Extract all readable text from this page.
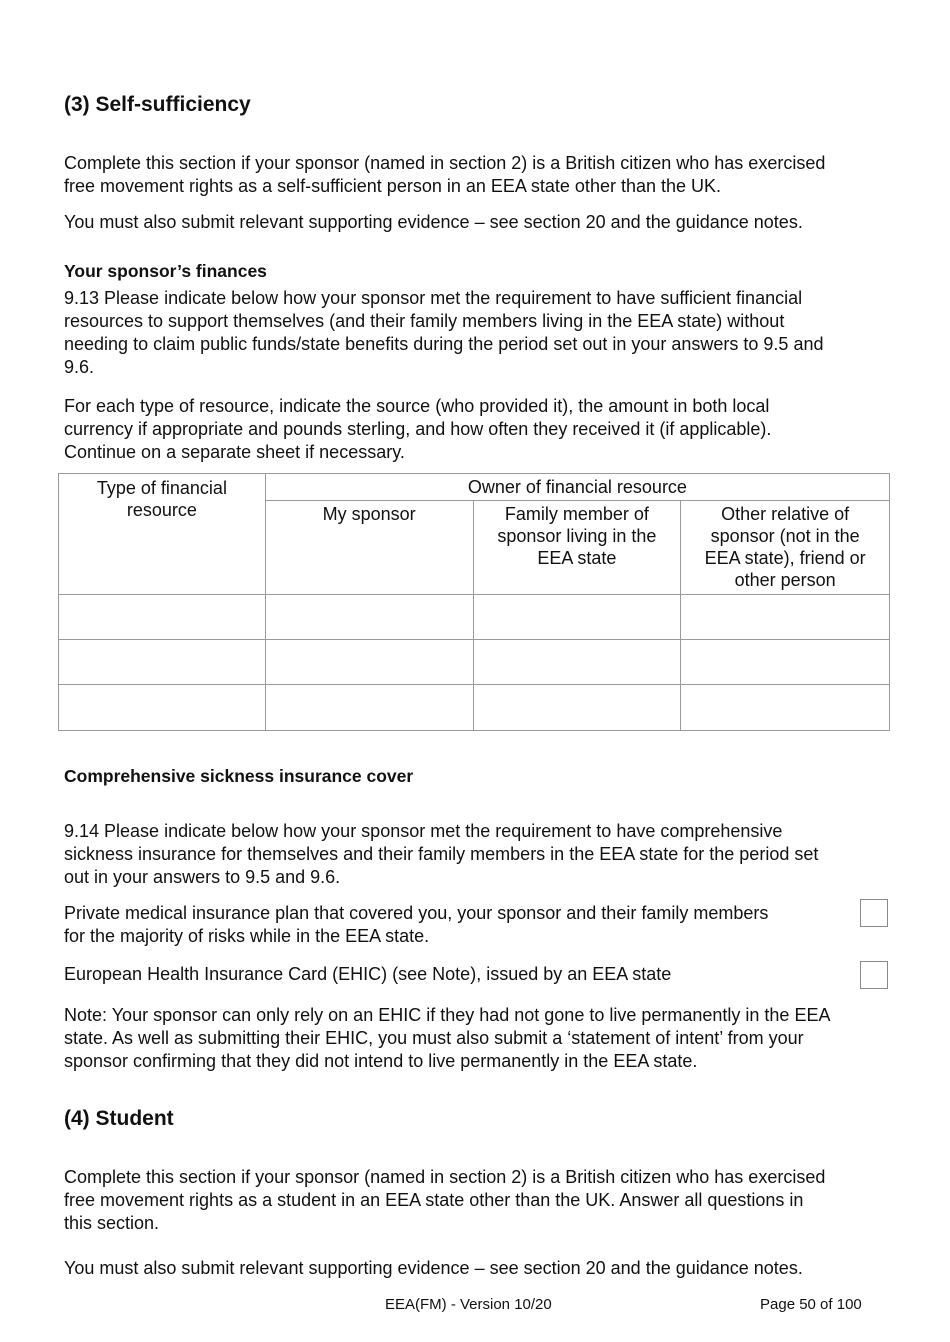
(3) Self-sufficiency
Complete this section if your sponsor (named in section 2) is a British citizen who has exercised
free movement rights as a self-sufficient person in an EEA state other than the UK.
You must also submit relevant supporting evidence – see section 20 and the guidance notes.
Your sponsor’s finances
9.13 Please indicate below how your sponsor met the requirement to have sufficient financial
resources to support themselves (and their family members living in the EEA state) without
needing to claim public funds/state benefits during the period set out in your answers to 9.5 and
9.6.
For each type of resource, indicate the source (who provided it), the amount in both local
currency if appropriate and pounds sterling, and how often they received it (if applicable).
Continue on a separate sheet if necessary.
Type of financial resource	Owner of financial resource		
	My sponsor	Family member of sponsor living in the EEA state	Other relative of sponsor (not in the EEA state), friend or other person

Comprehensive sickness insurance cover
9.14 Please indicate below how your sponsor met the requirement to have comprehensive
sickness insurance for themselves and their family members in the EEA state for the period set
out in your answers to 9.5 and 9.6.
Private medical insurance plan that covered you, your sponsor and their family members
for the majority of risks while in the EEA state.
European Health Insurance Card (EHIC) (see Note), issued by an EEA state
Note: Your sponsor can only rely on an EHIC if they had not gone to live permanently in the EEA
state. As well as submitting their EHIC, you must also submit a ‘statement of intent’ from your
sponsor confirming that they did not intend to live permanently in the EEA state.
(4) Student
Complete this section if your sponsor (named in section 2) is a British citizen who has exercised
free movement rights as a student in an EEA state other than the UK. Answer all questions in
this section.
You must also submit relevant supporting evidence – see section 20 and the guidance notes.
EEA(FM) - Version 10/20	Page 50 of 100
